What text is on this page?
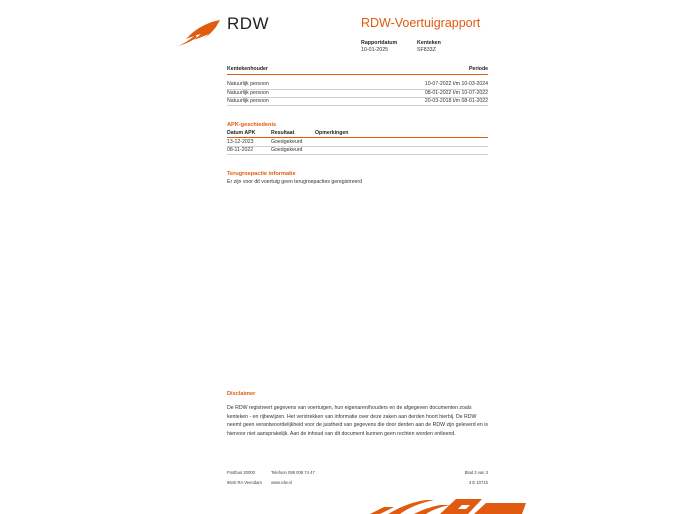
RDW	RDW-Voertuigrapport
Rapportdatum
10-01-2025
Kenteken
SF833Z
Kentekenhouder	Periode
Natuurlijk persoon	10-07-2022 t/m 10-03-2024
Natuurlijk persoon	08-01-2022 t/m 10-07-2022
Natuurlijk persoon	20-03-2018 t/m 08-01-2022
APK-geschiedenis
Datum APK	Resultaat	Opmerkingen
13-12-2023	Goedgekeurd
08-11-2022	Goedgekeurd
Terugroepactie informatie
Er zijn voor dit voertuig geen terugroepacties geregistreerd
Disclaimer
De RDW registreert gegevens van voertuigen, hun eigenaren/houders en de afgegeven documenten zoals kenteken - en rijbewijzen. Het verstrekken van informatie over deze zaken aan derden hoort hierbij. De RDW neemt geen verantwoordelijkheid voor de juistheid van gegevens die door derden aan de RDW zijn geleverd en is hiervoor niet aansprakelijk. Aan de inhoud van dit document kunnen geen rechten worden ontleend.
Postbus 30000
9640 RA Veendam
Telefoon 088 008 74 47
www.rdw.nl
Blad 3 van 3
3 E 1071b
